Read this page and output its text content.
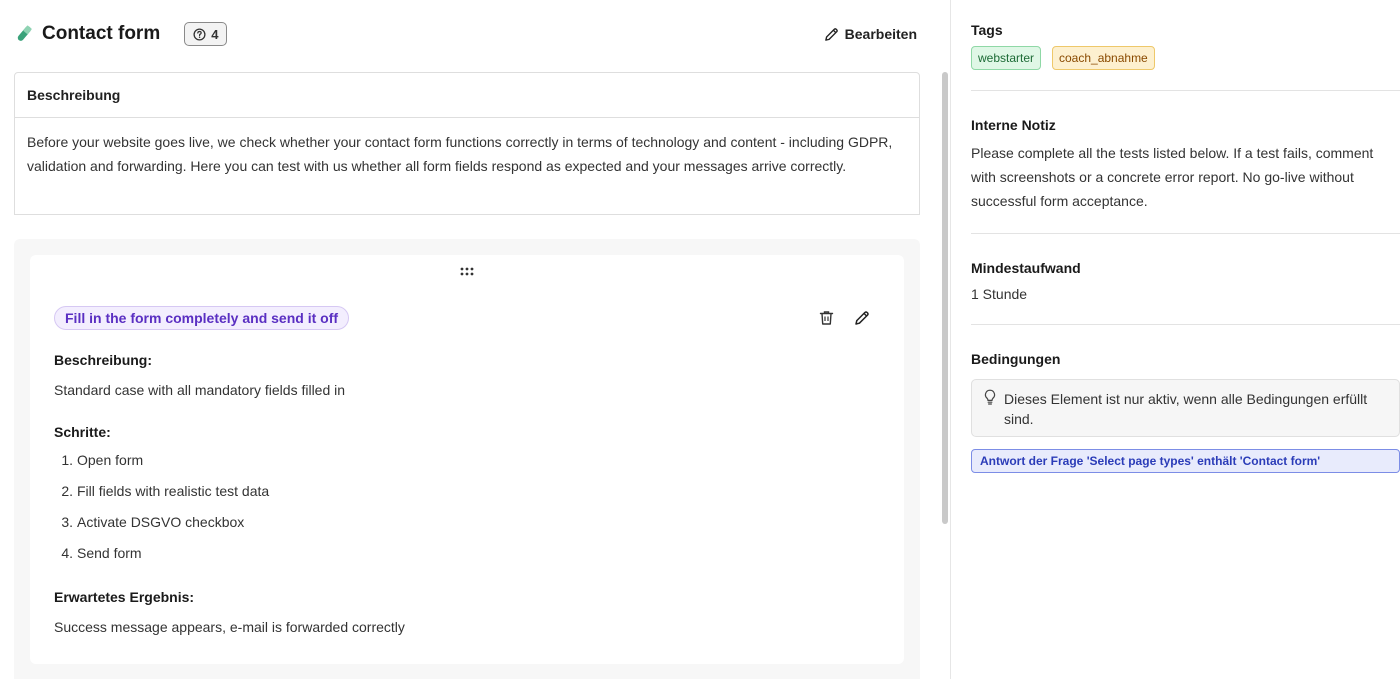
Contact form	4	Bearbeiten
Beschreibung
Before your website goes live, we check whether your contact form functions correctly in terms of technology and content - including GDPR, validation and forwarding. Here you can test with us whether all form fields respond as expected and your messages arrive correctly.
Fill in the form completely and send it off
Beschreibung:
Standard case with all mandatory fields filled in
Schritte:
1. Open form
2. Fill fields with realistic test data
3. Activate DSGVO checkbox
4. Send form
Erwartetes Ergebnis:
Success message appears, e-mail is forwarded correctly
Tags
webstarter	coach_abnahme
Interne Notiz
Please complete all the tests listed below. If a test fails, comment with screenshots or a concrete error report. No go-live without successful form acceptance.
Mindestaufwand
1 Stunde
Bedingungen
Dieses Element ist nur aktiv, wenn alle Bedingungen erfüllt sind.
Antwort der Frage
'Select page types' enthält 'Contact form'
